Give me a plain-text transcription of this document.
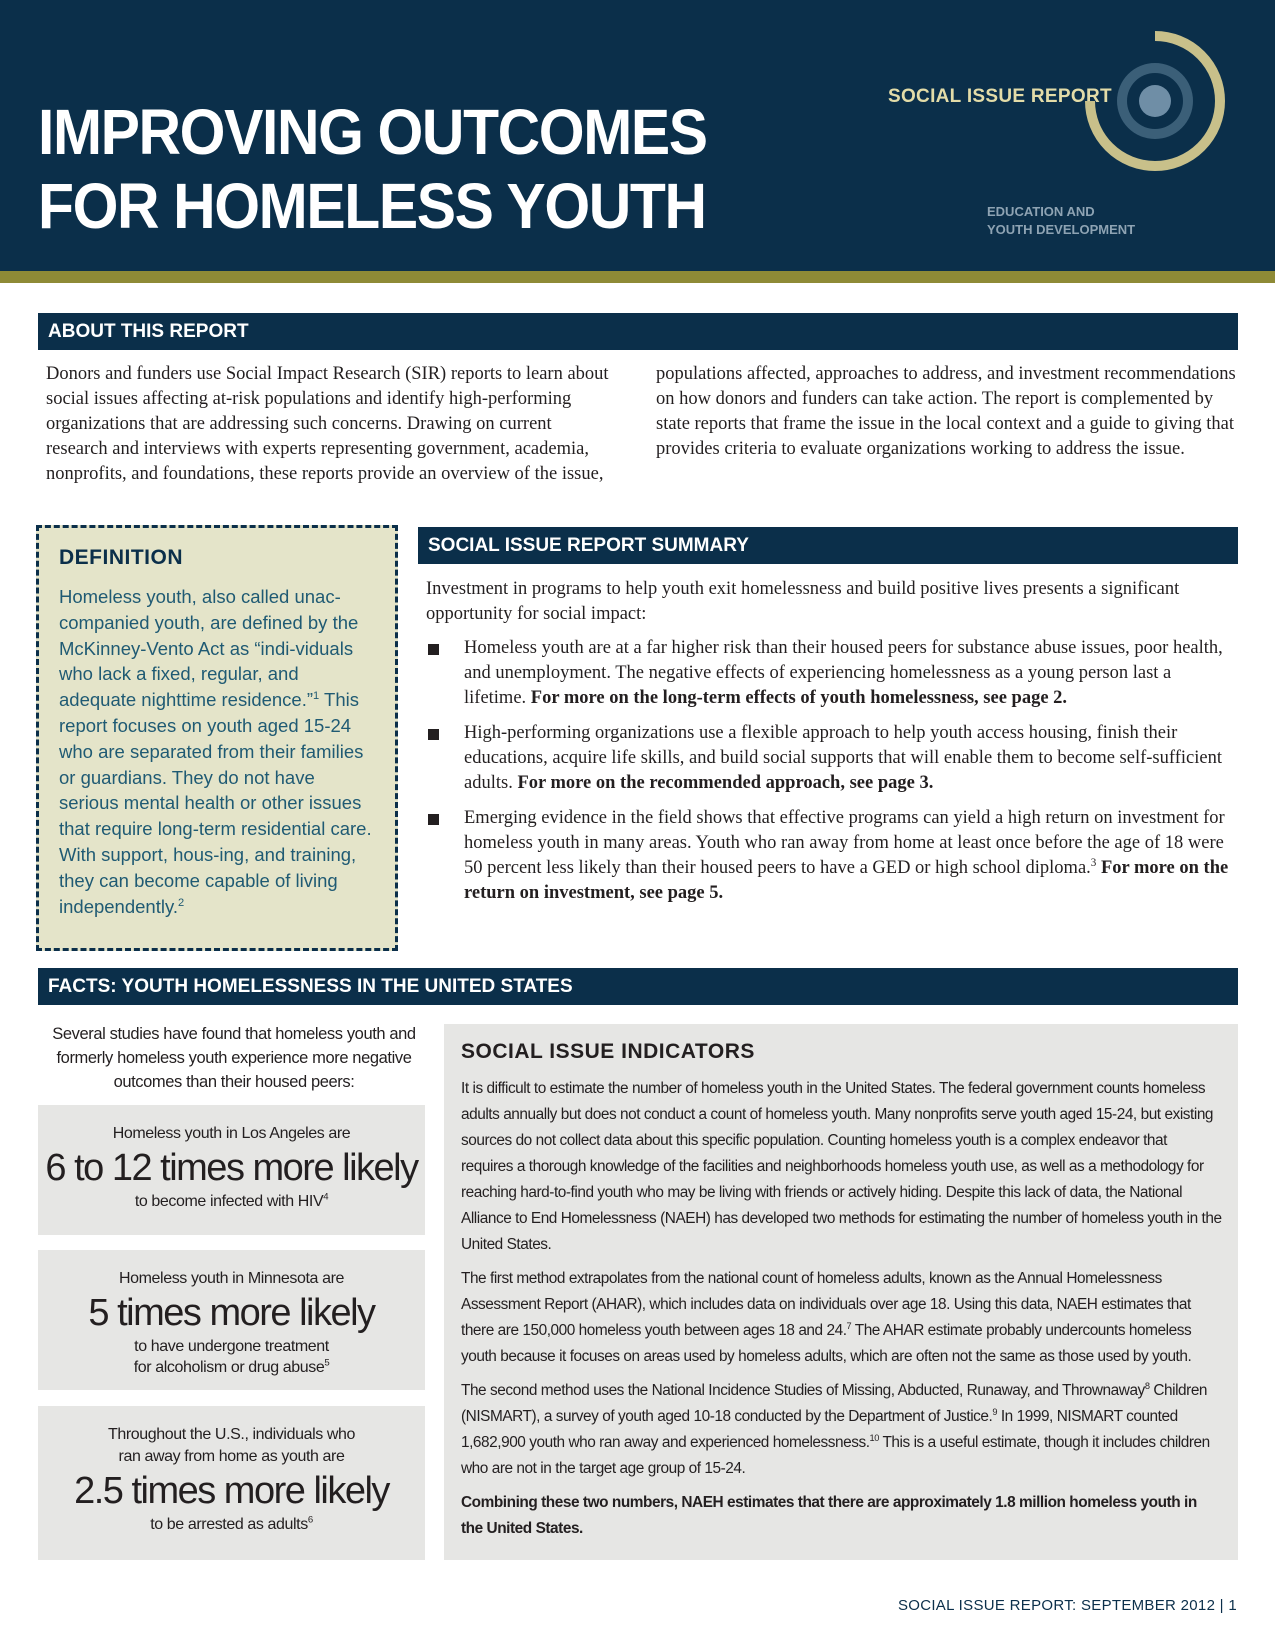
IMPROVING OUTCOMES
FOR HOMELESS YOUTH
SOCIAL ISSUE REPORT
EDUCATION AND
YOUTH DEVELOPMENT
ABOUT THIS REPORT
Donors and funders use Social Impact Research (SIR) reports to learn about social issues affecting at-risk populations and identify high-performing organizations that are addressing such concerns. Drawing on current research and interviews with experts representing government, academia, nonprofits, and foundations, these reports provide an overview of the issue,
populations affected, approaches to address, and investment recommendations on how donors and funders can take action. The report is complemented by state reports that frame the issue in the local context and a guide to giving that provides criteria to evaluate organizations working to address the issue.
DEFINITION

Homeless youth, also called unac-companied youth, are defined by the McKinney-Vento Act as “indi-viduals who lack a fixed, regular, and adequate nighttime residence.”$^1$ This report focuses on youth aged 15-24 who are separated from their families or guardians. They do not have serious mental health or other issues that require long-term residential care. With support, hous-ing, and training, they can become capable of living independently.$^2$

SOCIAL ISSUE REPORT SUMMARY
Investment in programs to help youth exit homelessness and build positive lives presents a significant opportunity for social impact:
Homeless youth are at a far higher risk than their housed peers for substance abuse issues, poor health, and unemployment. The negative effects of experiencing homelessness as a young person last a lifetime. For more on the long-term effects of youth homelessness, see page 2.
High-performing organizations use a flexible approach to help youth access housing, finish their educations, acquire life skills, and build social supports that will enable them to become self-sufficient adults. For more on the recommended approach, see page 3.
Emerging evidence in the field shows that effective programs can yield a high return on investment for homeless youth in many areas. Youth who ran away from home at least once before the age of 18 were 50 percent less likely than their housed peers to have a GED or high school diploma.$^3$ For more on the return on investment, see page 5.
FACTS: YOUTH HOMELESSNESS IN THE UNITED STATES
Several studies have found that homeless youth and formerly homeless youth experience more negative outcomes than their housed peers:
Homeless youth in Los Angeles are
6 to 12 times more likely
to become infected with HIV$^4$
Homeless youth in Minnesota are
5 times more likely
to have undergone treatment
for alcoholism or drug abuse$^5$
Throughout the U.S., individuals who
ran away from home as youth are
2.5 times more likely
to be arrested as adults$^6$
SOCIAL ISSUE INDICATORS

It is difficult to estimate the number of homeless youth in the United States. The federal government counts homeless adults annually but does not conduct a count of homeless youth. Many nonprofits serve youth aged 15-24, but existing sources do not collect data about this specific population. Counting homeless youth is a complex endeavor that requires a thorough knowledge of the facilities and neighborhoods homeless youth use, as well as a methodology for reaching hard-to-find youth who may be living with friends or actively hiding. Despite this lack of data, the National Alliance to End Homelessness (NAEH) has developed two methods for estimating the number of homeless youth in the United States.

The first method extrapolates from the national count of homeless adults, known as the Annual Homelessness Assessment Report (AHAR), which includes data on individuals over age 18. Using this data, NAEH estimates that there are 150,000 homeless youth between ages 18 and 24.$^7$ The AHAR estimate probably undercounts homeless youth because it focuses on areas used by homeless adults, which are often not the same as those used by youth.

The second method uses the National Incidence Studies of Missing, Abducted, Runaway, and Thrownaway$^8$ Children (NISMART), a survey of youth aged 10-18 conducted by the Department of Justice.$^9$ In 1999, NISMART counted 1,682,900 youth who ran away and experienced homelessness.$^{10}$ This is a useful estimate, though it includes children who are not in the target age group of 15-24.

Combining these two numbers, NAEH estimates that there are approximately 1.8 million homeless youth in the United States.

SOCIAL ISSUE REPORT: SEPTEMBER 2012 | 1
